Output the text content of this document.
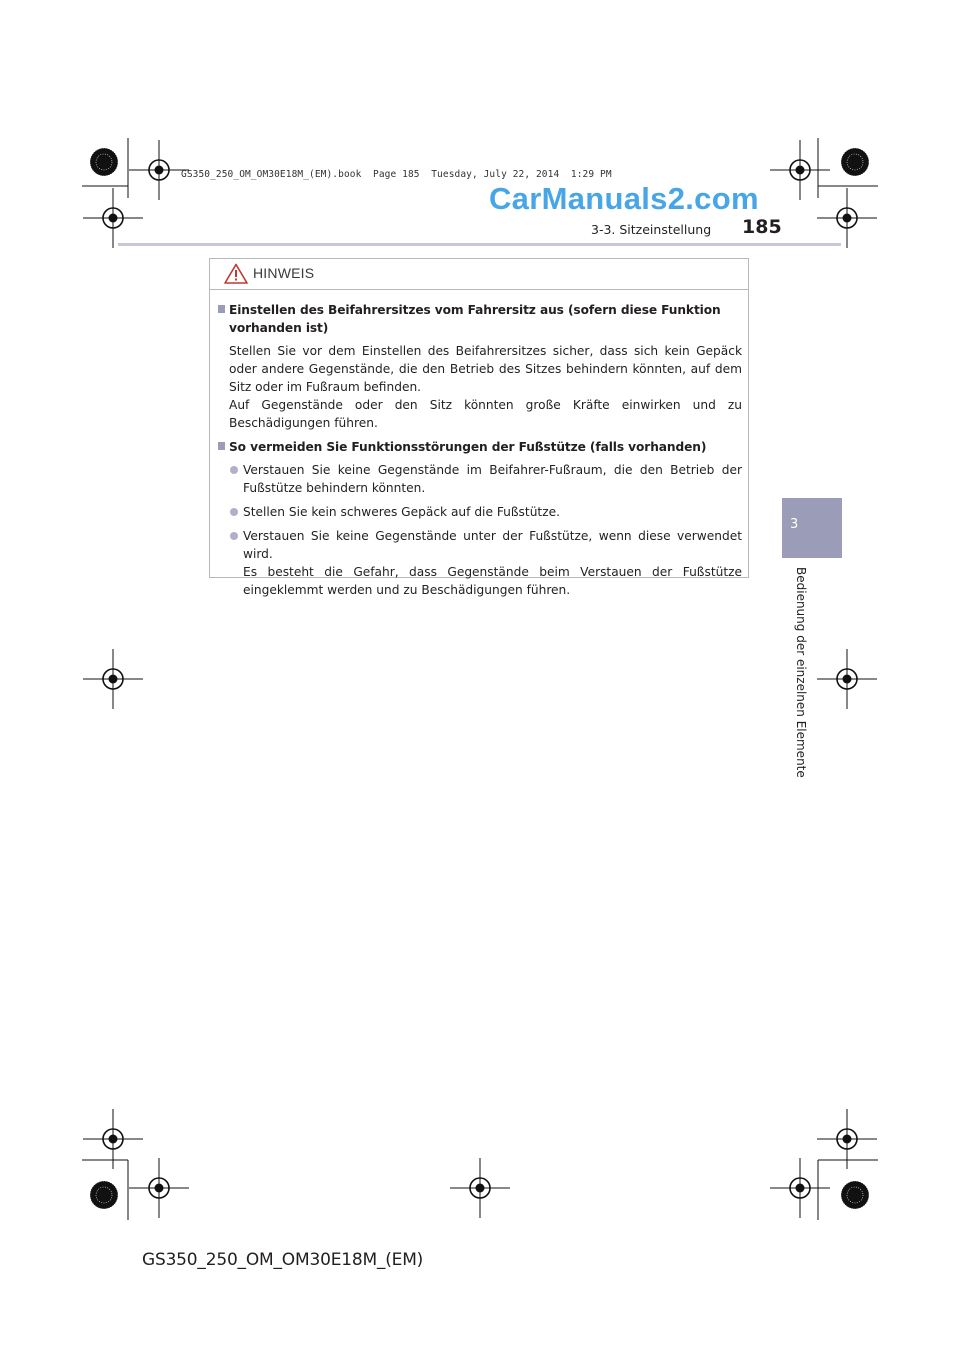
GS350_250_OM_OM30E18M_(EM).book  Page 185  Tuesday, July 22, 2014  1:29 PM
CarManuals2.com
3-3. Sitzeinstellung 185
3
Bedienung der einzelnen Elemente
HINWEIS
Einstellen des Beifahrersitzes vom Fahrersitz aus (sofern diese Funktion vorhanden ist)
Stellen Sie vor dem Einstellen des Beifahrersitzes sicher, dass sich kein Gepäck oder andere Gegenstände, die den Betrieb des Sitzes behindern könnten, auf dem Sitz oder im Fußraum befinden.
Auf Gegenstände oder den Sitz könnten große Kräfte einwirken und zu Beschädigungen führen.
So vermeiden Sie Funktionsstörungen der Fußstütze (falls vorhanden)
Verstauen Sie keine Gegenstände im Beifahrer-Fußraum, die den Betrieb der Fußstütze behindern könnten.
Stellen Sie kein schweres Gepäck auf die Fußstütze.
Verstauen Sie keine Gegenstände unter der Fußstütze, wenn diese verwendet wird.
Es besteht die Gefahr, dass Gegenstände beim Verstauen der Fußstütze eingeklemmt werden und zu Beschädigungen führen.
GS350_250_OM_OM30E18M_(EM)
